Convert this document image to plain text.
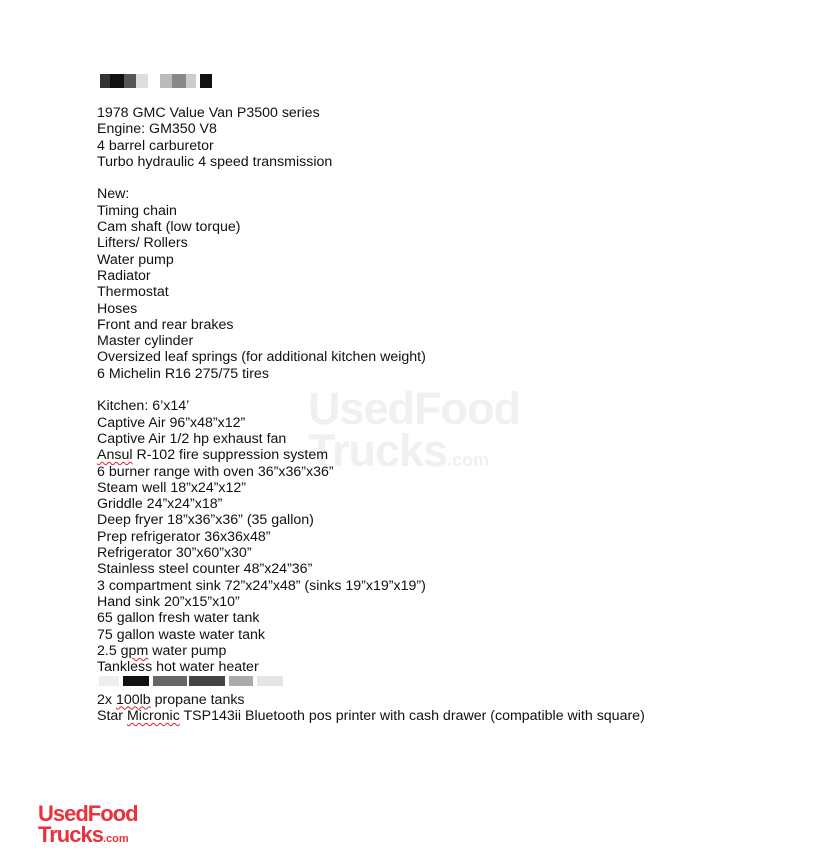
1978 GMC Value Van P3500 series
Engine: GM350 V8
4 barrel carburetor
Turbo hydraulic 4 speed transmission
New:
Timing chain
Cam shaft (low torque)
Lifters/ Rollers
Water pump
Radiator
Thermostat
Hoses
Front and rear brakes
Master cylinder
Oversized leaf springs (for additional kitchen weight)
6 Michelin R16 275/75 tires
Kitchen: 6’x14’
Captive Air 96”x48”x12”
Captive Air 1/2 hp exhaust fan
Ansul R-102 fire suppression system
6 burner range with oven 36”x36”x36”
Steam well 18”x24”x12”
Griddle 24”x24”x18”
Deep fryer 18”x36”x36” (35 gallon)
Prep refrigerator 36x36x48”
Refrigerator 30”x60”x30”
Stainless steel counter 48”x24”36”
3 compartment sink 72”x24”x48” (sinks 19”x19”x19”)
Hand sink 20”x15”x10”
65 gallon fresh water tank
75 gallon waste water tank
2.5 gpm water pump
Tankless hot water heater
2x 100lb propane tanks
Star Micronic TSP143ii Bluetooth pos printer with cash drawer (compatible with square)
UsedFood
Trucks.com
UsedFood
Trucks.com
